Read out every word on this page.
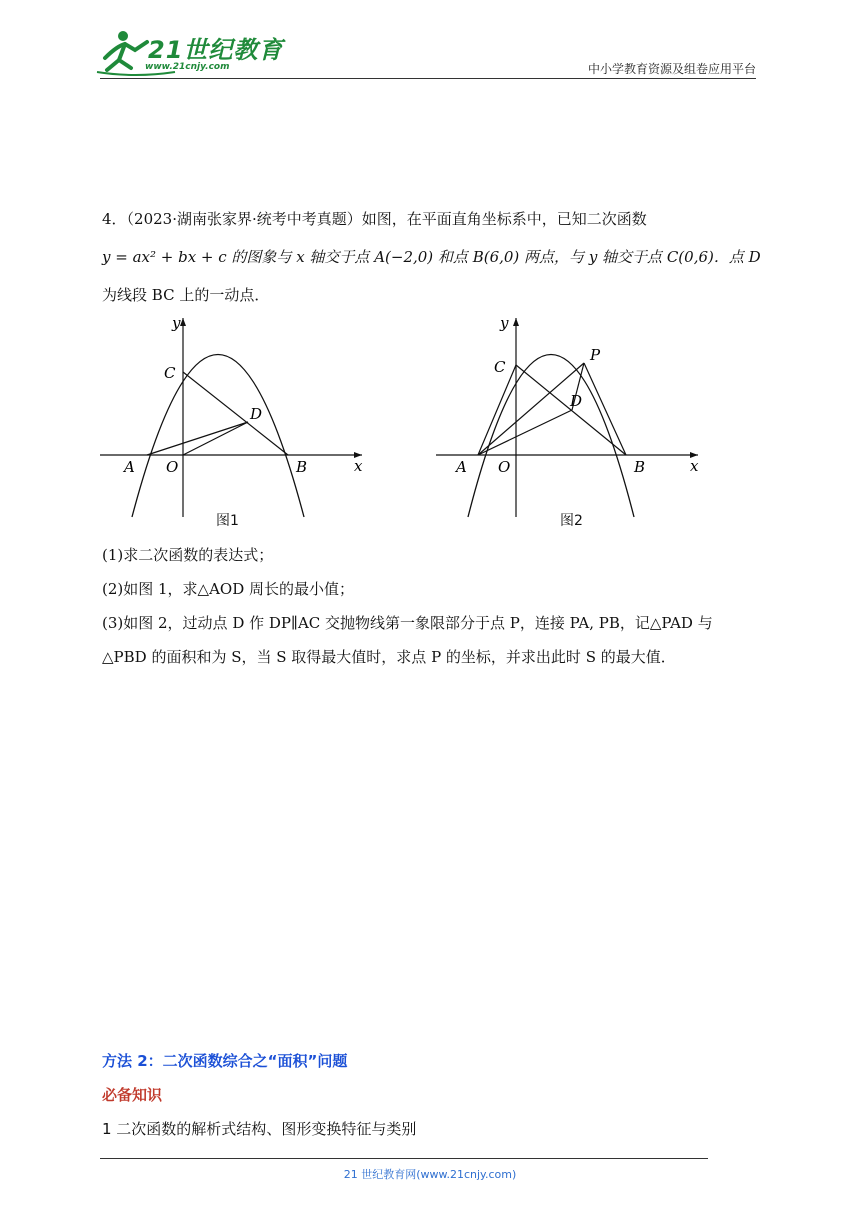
21世纪教育
www.21cnjy.com	中小学教育资源及组卷应用平台

4．（2023·湖南张家界·统考中考真题）如图，在平面直角坐标系中，已知二次函数

y = ax² + bx + c 的图象与 x 轴交于点 A(−2,0) 和点 B(6,0) 两点，与 y 轴交于点 C(0,6)．点 D

为线段 BC 上的一动点．

y
x
A O	B
C
D
图1
y
x
A O	B
C
D
P
图2

(1)求二次函数的表达式；

(2)如图 1，求△AOD 周长的最小值；

(3)如图 2，过动点 D 作 DP∥AC 交抛物线第一象限部分于点 P，连接 PA, PB，记△PAD 与

△PBD 的面积和为 S，当 S 取得最大值时，求点 P 的坐标，并求出此时 S 的最大值．

方法 2：二次函数综合之“面积”问题
必备知识
1 二次函数的解析式结构、图形变换特征与类别
21 世纪教育网(www.21cnjy.com)
